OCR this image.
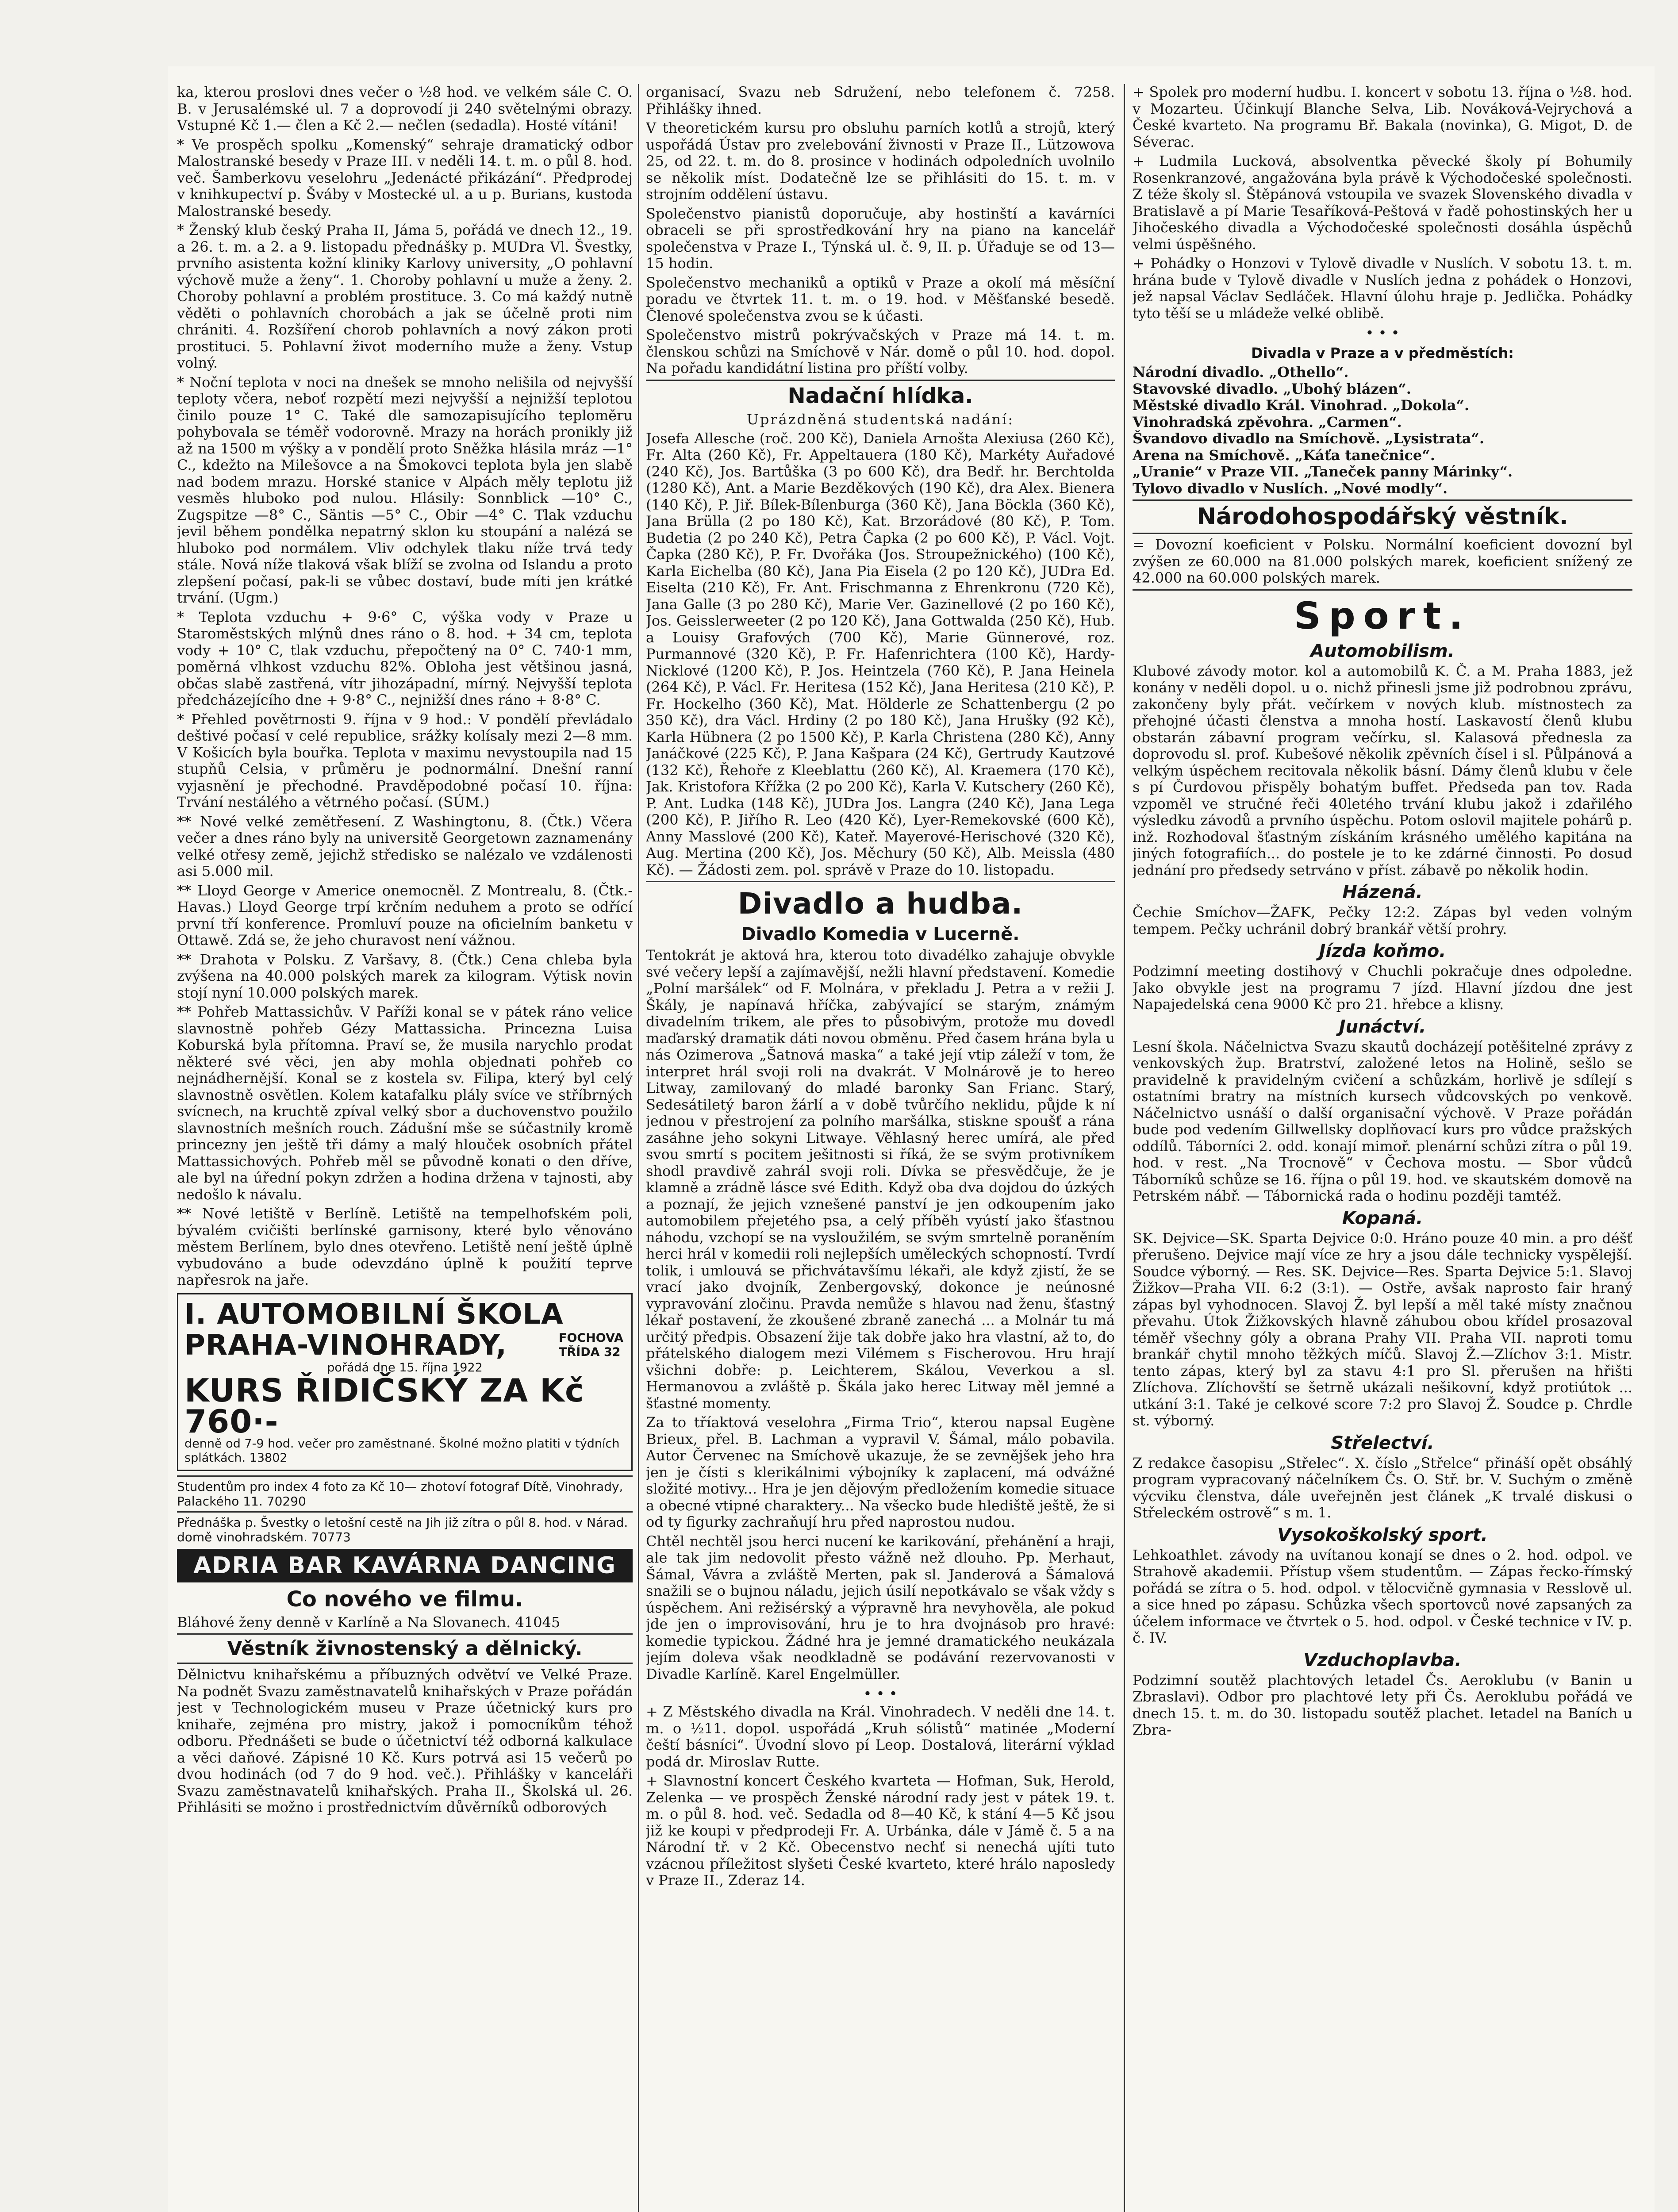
ka, kterou proslovi dnes večer o ½8 hod. ve velkém sále C. O. B. v Jerusalémské ul. 7 a doprovodí ji 240 světelnými obrazy. Vstupné Kč 1.— člen a Kč 2.— nečlen (sedadla). Hosté vítáni!

* Ve prospěch spolku „Komenský“ sehraje dramatický odbor Malostranské besedy v Praze III. v neděli 14. t. m. o půl 8. hod. več. Šamberkovu veselohru „Jedenácté přikázání“. Předprodej v knihkupectví p. Šváby v Mostecké ul. a u p. Burians, kustoda Malostranské besedy.

* Ženský klub český Praha II, Jáma 5, pořádá ve dnech 12., 19. a 26. t. m. a 2. a 9. listopadu přednášky p. MUDra Vl. Švestky, prvního asistenta kožní kliniky Karlovy university, „O pohlavní výchově muže a ženy“. 1. Choroby pohlavní u muže a ženy. 2. Choroby pohlavní a problém prostituce. 3. Co má každý nutně věděti o pohlavních chorobách a jak se účelně proti nim chrániti. 4. Rozšíření chorob pohlavních a nový zákon proti prostituci. 5. Pohlavní život moderního muže a ženy. Vstup volný.

* Noční teplota v noci na dnešek se mnoho nelišila od nejvyšší teploty včera, neboť rozpětí mezi nejvyšší a nejnižší teplotou činilo pouze 1° C. Také dle samozapisujícího teploměru pohybovala se téměř vodorovně. Mrazy na horách pronikly již až na 1500 m výšky a v pondělí proto Sněžka hlásila mráz —1° C., kdežto na Milešovce a na Šmokovci teplota byla jen slabě nad bodem mrazu. Horské stanice v Alpách měly teplotu již vesměs hluboko pod nulou. Hlásily: Sonnblick —10° C., Zugspitze —8° C., Säntis —5° C., Obir —4° C. Tlak vzduchu jevil během pondělka nepatrný sklon ku stoupání a nalézá se hluboko pod normálem. Vliv odchylek tlaku níže trvá tedy stále. Nová níže tlaková však blíží se zvolna od Islandu a proto zlepšení počasí, pak-li se vůbec dostaví, bude míti jen krátké trvání. (Ugm.)

* Teplota vzduchu + 9·6° C, výška vody v Praze u Staroměstských mlýnů dnes ráno o 8. hod. + 34 cm, teplota vody + 10° C, tlak vzduchu, přepočtený na 0° C. 740·1 mm, poměrná vlhkost vzduchu 82%. Obloha jest většinou jasná, občas slabě zastřená, vítr jihozápadní, mírný. Nejvyšší teplota předcházejícího dne + 9·8° C., nejnižší dnes ráno + 8·8° C.

* Přehled povětrnosti 9. října v 9 hod.: V pondělí převládalo deštivé počasí v celé republice, srážky kolísaly mezi 2—8 mm. V Košicích byla bouřka. Teplota v maximu nevystoupila nad 15 stupňů Celsia, v průměru je podnormální. Dnešní ranní vyjasnění je přechodné. Pravděpodobné počasí 10. října: Trvání nestálého a větrného počasí. (SÚM.)

** Nové velké zemětřesení. Z Washingtonu, 8. (Čtk.) Včera večer a dnes ráno byly na universitě Georgetown zaznamenány velké otřesy země, jejichž středisko se nalézalo ve vzdálenosti asi 5.000 mil.

** Lloyd George v Americe onemocněl. Z Montrealu, 8. (Čtk.-Havas.) Lloyd George trpí krčním neduhem a proto se odřící první tří konference. Promluví pouze na oficielním banketu v Ottawě. Zdá se, že jeho churavost není vážnou.

** Drahota v Polsku. Z Varšavy, 8. (Čtk.) Cena chleba byla zvýšena na 40.000 polských marek za kilogram. Výtisk novin stojí nyní 10.000 polských marek.

** Pohřeb Mattassichův. V Paříži konal se v pátek ráno velice slavnostně pohřeb Gézy Mattassicha. Princezna Luisa Koburská byla přítomna. Praví se, že musila narychlo prodat některé své věci, jen aby mohla objednati pohřeb co nejnádhernější. Konal se z kostela sv. Filipa, který byl celý slavnostně osvětlen. Kolem katafalku plály svíce ve stříbrných svícnech, na kruchtě zpíval velký sbor a duchovenstvo použilo slavnostních mešních rouch. Zádušní mše se súčastnily kromě princezny jen ještě tři dámy a malý hlouček osobních přátel Mattassichových. Pohřeb měl se původně konati o den dříve, ale byl na úřední pokyn zdržen a hodina držena v tajnosti, aby nedošlo k návalu.

** Nové letiště v Berlíně. Letiště na tempelhofském poli, bývalém cvičišti berlínské garnisony, které bylo věnováno městem Berlínem, bylo dnes otevřeno. Letiště není ještě úplně vybudováno a bude odevzdáno úplně k použití teprve napřesrok na jaře.

I. AUTOMOBILNÍ ŠKOLA
PRAHA-VINOHRADY,	FOCHOVA TŘÍDA 32
pořádá dne 15. října 1922
KURS ŘIDIČSKÝ ZA Kč 760·-
denně od 7-9 hod. večer pro zaměstnané. Školné možno platiti v týdních splátkách. 13802
Studentům pro index 4 foto za Kč 10— zhotoví fotograf Dítě, Vinohrady, Palackého 11. 70290
Přednáška p. Švestky o letošní cestě na Jih již zítra o půl 8. hod. v Nárad. domě vinohradském. 70773
ADRIA BAR KAVÁRNA DANCING
Co nového ve filmu.

Bláhové ženy denně v Karlíně a Na Slovanech. 41045

Věstník živnostenský a dělnický.

Dělnictvu knihařskému a příbuzných odvětví ve Velké Praze. Na podnět Svazu zaměstnavatelů knihařských v Praze pořádán jest v Technologickém museu v Praze účetnický kurs pro knihaře, zejména pro mistry, jakož i pomocníkům téhož odboru. Přednášeti se bude o účetnictví též odborná kalkulace a věci daňové. Zápisné 10 Kč. Kurs potrvá asi 15 večerů po dvou hodinách (od 7 do 9 hod. več.). Přihlášky v kanceláři Svazu zaměstnavatelů knihařských. Praha II., Školská ul. 26. Přihlásiti se možno i prostřednictvím důvěrníků odborových

organisací, Svazu neb Sdružení, nebo telefonem č. 7258. Přihlášky ihned.

V theoretickém kursu pro obsluhu parních kotlů a strojů, který uspořádá Ústav pro zvelebování živnosti v Praze II., Lützowova 25, od 22. t. m. do 8. prosince v hodinách odpoledních uvolnilo se několik míst. Dodatečně lze se přihlásiti do 15. t. m. v strojním oddělení ústavu.

Společenstvo pianistů doporučuje, aby hostinští a kavárníci obraceli se při sprostředkování hry na piano na kancelář společenstva v Praze I., Týnská ul. č. 9, II. p. Úřaduje se od 13—15 hodin.

Společenstvo mechaniků a optiků v Praze a okolí má měsíční poradu ve čtvrtek 11. t. m. o 19. hod. v Měšťanské besedě. Členové společenstva zvou se k účasti.

Společenstvo mistrů pokrývačských v Praze má 14. t. m. členskou schůzi na Smíchově v Nár. domě o půl 10. hod. dopol. Na pořadu kandidátní listina pro příští volby.

Nadační hlídka.
Uprázdněná studentská nadání:

Josefa Allesche (roč. 200 Kč), Daniela Arnošta Alexiusa (260 Kč), Fr. Alta (260 Kč), Fr. Appeltauera (180 Kč), Markéty Auřadové (240 Kč), Jos. Bartůška (3 po 600 Kč), dra Bedř. hr. Berchtolda (1280 Kč), Ant. a Marie Bezděkových (190 Kč), dra Alex. Bienera (140 Kč), P. Jiř. Bílek-Bílenburga (360 Kč), Jana Böckla (360 Kč), Jana Brülla (2 po 180 Kč), Kat. Brzorádové (80 Kč), P. Tom. Budetia (2 po 240 Kč), Petra Čapka (2 po 600 Kč), P. Václ. Vojt. Čapka (280 Kč), P. Fr. Dvořáka (Jos. Stroupežnického) (100 Kč), Karla Eichelba (80 Kč), Jana Pia Eisela (2 po 120 Kč), JUDra Ed. Eiselta (210 Kč), Fr. Ant. Frischmanna z Ehrenkronu (720 Kč), Jana Galle (3 po 280 Kč), Marie Ver. Gazinellové (2 po 160 Kč), Jos. Geisslerweeter (2 po 120 Kč), Jana Gottwalda (250 Kč), Hub. a Louisy Grafových (700 Kč), Marie Günnerové, roz. Purmannové (320 Kč), P. Fr. Hafenrichtera (100 Kč), Hardy-Nicklové (1200 Kč), P. Jos. Heintzela (760 Kč), P. Jana Heinela (264 Kč), P. Václ. Fr. Heritesa (152 Kč), Jana Heritesa (210 Kč), P. Fr. Hockelho (360 Kč), Mat. Hölderle ze Schattenbergu (2 po 350 Kč), dra Václ. Hrdiny (2 po 180 Kč), Jana Hrušky (92 Kč), Karla Hübnera (2 po 1500 Kč), P. Karla Christena (280 Kč), Anny Janáčkové (225 Kč), P. Jana Kašpara (24 Kč), Gertrudy Kautzové (132 Kč), Řehoře z Kleeblattu (260 Kč), Al. Kraemera (170 Kč), Jak. Kristofora Křížka (2 po 200 Kč), Karla V. Kutschery (260 Kč), P. Ant. Ludka (148 Kč), JUDra Jos. Langra (240 Kč), Jana Lega (200 Kč), P. Jiřího R. Leo (420 Kč), Lyer-Remekovské (600 Kč), Anny Masslové (200 Kč), Kateř. Mayerové-Herischové (320 Kč), Aug. Mertina (200 Kč), Jos. Měchury (50 Kč), Alb. Meissla (480 Kč). — Žádosti zem. pol. správě v Praze do 10. listopadu.

Divadlo a hudba.
Divadlo Komedia v Lucerně.

Tentokrát je aktová hra, kterou toto divadélko zahajuje obvykle své večery lepší a zajímavější, nežli hlavní představení. Komedie „Polní maršálek“ od F. Molnára, v překladu J. Petra a v režii J. Škály, je napínavá hříčka, zabývající se starým, známým divadelním trikem, ale přes to působivým, protože mu dovedl maďarský dramatik dáti novou obměnu. Před časem hrána byla u nás Ozimerova „Šatnová maska“ a také její vtip záleží v tom, že interpret hrál svoji roli na dvakrát. V Molnárově je to hereo Litway, zamilovaný do mladé baronky San Frianc. Starý, Sedesátiletý baron žárlí a v době tvůrčího neklidu, půjde k ní jednou v přestrojení za polního maršálka, stiskne spoušť a rána zasáhne jeho sokyni Litwaye. Věhlasný herec umírá, ale před svou smrtí s pocitem ješitnosti si říká, že se svým protivníkem shodl pravdivě zahrál svoji roli. Dívka se přesvědčuje, že je klamně a zrádně lásce své Edith. Když oba dva dojdou do úzkých a poznají, že jejich vznešené panství je jen odkoupením jako automobilem přejetého psa, a celý příběh vyústí jako šťastnou náhodu, vzchopí se na vysloužilém, se svým smrtelně poraněním herci hrál v komedii roli nejlepších uměleckých schopností. Tvrdí tolik, i umlouvá se přichvátavšímu lékaři, ale když zjistí, že se vrací jako dvojník, Zenbergovský, dokonce je neúnosné vypravování zločinu. Pravda nemůže s hlavou nad ženu, šťastný lékař postavení, že zkoušené zbraně zanechá ... a Molnár tu má určitý předpis. Obsazení žije tak dobře jako hra vlastní, až to, do přátelského dialogem mezi Vilémem s Fischerovou. Hru hrají všichni dobře: p. Leichterem, Skálou, Veverkou a sl. Hermanovou a zvláště p. Škála jako herec Litway měl jemné a šťastné momenty.

Za to tříaktová veselohra „Firma Trio“, kterou napsal Eugène Brieux, přel. B. Lachman a vypravil V. Šámal, málo pobavila. Autor Červenec na Smíchově ukazuje, že se zevnějšek jeho hra jen je čísti s klerikálnimi výbojníky k zaplacení, má odvážné složité motivy... Hra je jen dějovým předložením komedie situace a obecné vtipné charaktery... Na všecko bude hlediště ještě, že si od ty figurky zachraňují hru před naprostou nudou.

Chtěl nechtěl jsou herci nucení ke karikování, přehánění a hraji, ale tak jim nedovolit přesto vážně než dlouho. Pp. Merhaut, Šámal, Vávra a zvláště Merten, pak sl. Janderová a Šámalová snažili se o bujnou náladu, jejich úsilí nepotkávalo se však vždy s úspěchem. Ani režisérský a výpravně hra nevyhověla, ale pokud jde jen o improvisování, hru je to hra dvojnásob pro hravé: komedie typickou. Žádné hra je jemné dramatického neukázala jejím doleva však neodkladně se podávání rezervovanosti v Divadle Karlíně. Karel Engelmüller.

• • •

+ Z Městského divadla na Král. Vinohradech. V neděli dne 14. t. m. o ½11. dopol. uspořádá „Kruh sólistů“ matinée „Moderní čeští básníci“. Úvodní slovo pí Leop. Dostalová, literární výklad podá dr. Miroslav Rutte.

+ Slavnostní koncert Českého kvarteta — Hofman, Suk, Herold, Zelenka — ve prospěch Ženské národní rady jest v pátek 19. t. m. o půl 8. hod. več. Sedadla od 8—40 Kč, k stání 4—5 Kč jsou již ke koupi v předprodeji Fr. A. Urbánka, dále v Jámě č. 5 a na Národní tř. v 2 Kč. Obecenstvo nechť si nenechá ujíti tuto vzácnou příležitost slyšeti České kvarteto, které hrálo naposledy v Praze II., Zderaz 14.

+ Spolek pro moderní hudbu. I. koncert v sobotu 13. října o ½8. hod. v Mozarteu. Účinkují Blanche Selva, Lib. Nováková-Vejrychová a České kvarteto. Na programu Bř. Bakala (novinka), G. Migot, D. de Séverac.

+ Ludmila Lucková, absolventka pěvecké školy pí Bohumily Rosenkranzové, angažována byla právě k Východočeské společnosti. Z téže školy sl. Štěpánová vstoupila ve svazek Slovenského divadla v Bratislavě a pí Marie Tesaříková-Peštová v řadě pohostinských her u Jihočeského divadla a Východočeské společnosti dosáhla úspěchů velmi úspěšného.

+ Pohádky o Honzovi v Tylově divadle v Nuslích. V sobotu 13. t. m. hrána bude v Tylově divadle v Nuslích jedna z pohádek o Honzovi, jež napsal Václav Sedláček. Hlavní úlohu hraje p. Jedlička. Pohádky tyto těší se u mládeže velké oblibě.

• • •
Divadla v Praze a v předměstích:

Národní divadlo. „Othello“.

Stavovské divadlo. „Ubohý blázen“.

Městské divadlo Král. Vinohrad. „Dokola“.

Vinohradská zpěvohra. „Carmen“.

Švandovo divadlo na Smíchově. „Lysistrata“.

Arena na Smíchově. „Káťa tanečnice“.

„Uranie“ v Praze VII. „Taneček panny Márinky“.

Tylovo divadlo v Nuslích. „Nové modly“.

Národohospodářský věstník.

= Dovozní koeficient v Polsku. Normální koeficient dovozní byl zvýšen ze 60.000 na 81.000 polských marek, koeficient snížený ze 42.000 na 60.000 polských marek.

Sport.
Automobilism.

Klubové závody motor. kol a automobilů K. Č. a M. Praha 1883, jež konány v neděli dopol. u o. nichž přinesli jsme již podrobnou zprávu, zakončeny byly přát. večírkem v nových klub. místnostech za přehojné účasti členstva a mnoha hostí. Laskavostí členů klubu obstarán zábavní program večírku, sl. Kalasová přednesla za doprovodu sl. prof. Kubešové několik zpěvních čísel i sl. Půlpánová a velkým úspěchem recitovala několik básní. Dámy členů klubu v čele s pí Čurdovou přispěly bohatým buffet. Předseda pan tov. Rada vzpoměl ve stručné řeči 40letého trvání klubu jakož i zdařilého výsledku závodů a prvního úspěchu. Potom oslovil majitele pohárů p. inž. Rozhodoval šťastným získáním krásného umělého kapitána na jiných fotografiích... do postele je to ke zdárné činnosti. Po dosud jednání pro předsedy setrváno v příst. zábavě po několik hodin.

Házená.

Čechie Smíchov—ŽAFK, Pečky 12:2. Zápas byl veden volným tempem. Pečky uchránil dobrý brankář větší prohry.

Jízda koňmo.

Podzimní meeting dostihový v Chuchli pokračuje dnes odpoledne. Jako obvykle jest na programu 7 jízd. Hlavní jízdou dne jest Napajedelská cena 9000 Kč pro 21. hřebce a klisny.

Junáctví.

Lesní škola. Náčelnictva Svazu skautů docházejí potěšitelné zprávy z venkovských žup. Bratrství, založené letos na Holině, sešlo se pravidelně k pravidelným cvičení a schůzkám, horlivě je sdílejí s ostatními bratry na místních kursech vůdcovských po venkově. Náčelnictvo usnáší o další organisační výchově. V Praze pořádán bude pod vedením Gillwellsky doplňovací kurs pro vůdce pražských oddílů. Táborníci 2. odd. konají mimoř. plenární schůzi zítra o půl 19. hod. v rest. „Na Trocnově“ v Čechova mostu. — Sbor vůdců Táborníků schůze se 16. října o půl 19. hod. ve skautském domově na Petrském nábř. — Tábornická rada o hodinu později tamtéž.

Kopaná.

SK. Dejvice—SK. Sparta Dejvice 0:0. Hráno pouze 40 min. a pro déšť přerušeno. Dejvice mají více ze hry a jsou dále technicky vyspělejší. Soudce výborný. — Res. SK. Dejvice—Res. Sparta Dejvice 5:1. Slavoj Žižkov—Praha VII. 6:2 (3:1). — Ostře, avšak naprosto fair hraný zápas byl vyhodnocen. Slavoj Ž. byl lepší a měl také místy značnou převahu. Útok Žižkovských hlavně záhubou obou křídel prosazoval téměř všechny góly a obrana Prahy VII. Praha VII. naproti tomu brankář chytil mnoho těžkých míčů. Slavoj Ž.—Zlíchov 3:1. Mistr. tento zápas, který byl za stavu 4:1 pro Sl. přerušen na hřišti Zlíchova. Zlíchovští se šetrně ukázali nešikovní, když protiútok ... utkání 3:1. Také je celkové score 7:2 pro Slavoj Ž. Soudce p. Chrdle st. výborný.

Střelectví.

Z redakce časopisu „Střelec“. X. číslo „Střelce“ přináší opět obsáhlý program vypracovaný náčelníkem Čs. O. Stř. br. V. Suchým o změně výcviku členstva, dále uveřejněn jest článek „K trvalé diskusi o Střeleckém ostrově“ s m. 1.

Vysokoškolský sport.

Lehkoathlet. závody na uvítanou konají se dnes o 2. hod. odpol. ve Strahově akademii. Přístup všem studentům. — Zápas řecko-římský pořádá se zítra o 5. hod. odpol. v tělocvičně gymnasia v Resslově ul. a sice hned po zápasu. Schůzka všech sportovců nové zapsaných za účelem informace ve čtvrtek o 5. hod. odpol. v České technice v IV. p. č. IV.

Vzduchoplavba.

Podzimní soutěž plachtových letadel Čs. Aeroklubu (v Banin u Zbraslavi). Odbor pro plachtové lety při Čs. Aeroklubu pořádá ve dnech 15. t. m. do 30. listopadu soutěž plachet. letadel na Baních u Zbra-
